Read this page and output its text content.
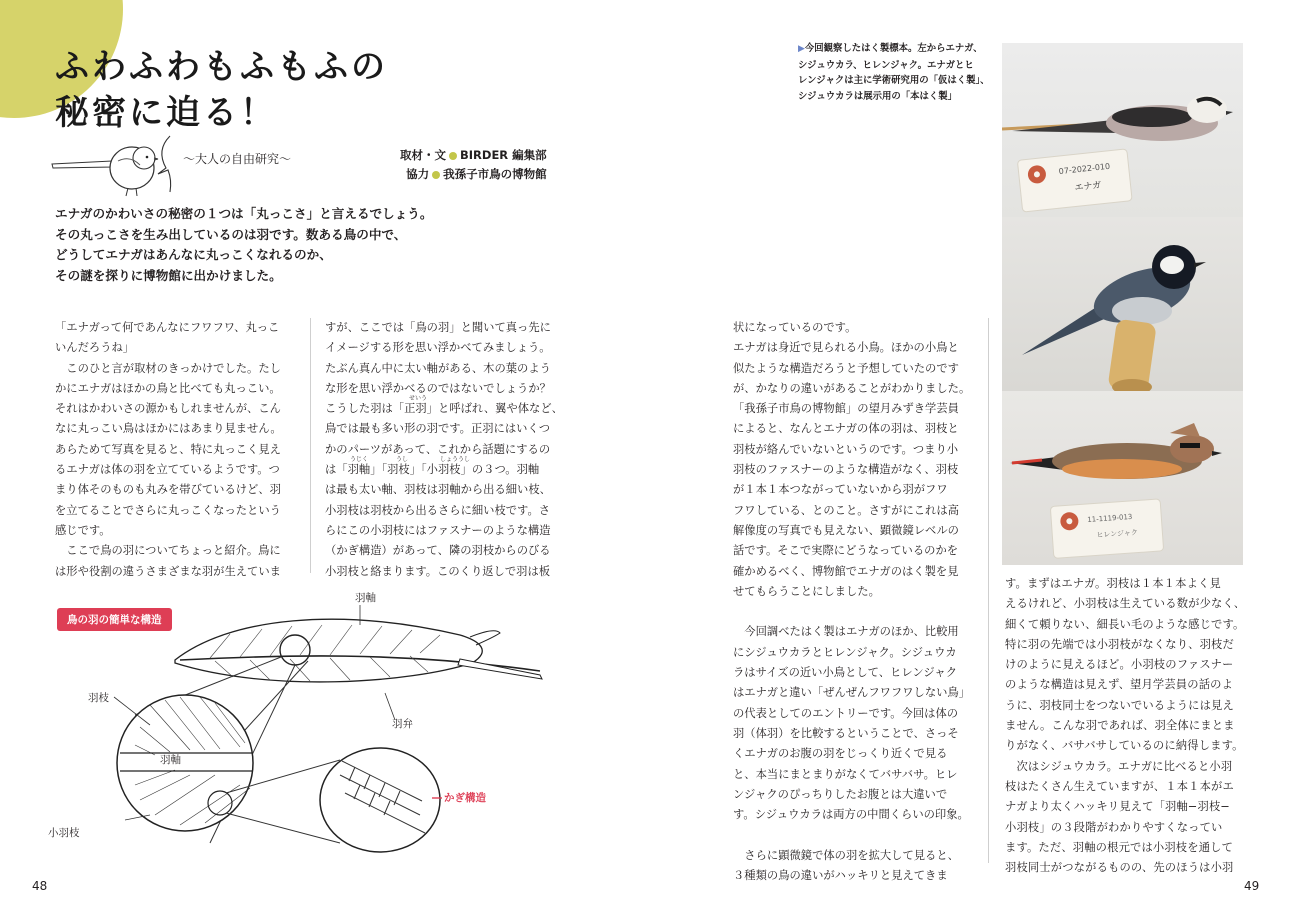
ふわふわもふもふの
秘密に迫る！
〜大人の自由研究〜	取材・文 BIRDER 編集部
協力 我孫子市鳥の博物館

エナガのかわいさの秘密の１つは「丸っこさ」と言えるでしょう。

その丸っこさを生み出しているのは羽です。数ある鳥の中で、

どうしてエナガはあんなに丸っこくなれるのか、

その謎を探りに博物館に出かけました。

「エナガって何であんなにフワフワ、丸っこ

いんだろうね」

　このひと言が取材のきっかけでした。たし

かにエナガはほかの鳥と比べても丸っこい。

それはかわいさの源かもしれませんが、こん

なに丸っこい鳥はほかにはあまり見ません。

あらためて写真を見ると、特に丸っこく見え

るエナガは体の羽を立てているようです。つ

まり体そのものも丸みを帯びているけど、羽

を立てることでさらに丸っこくなったという

感じです。

　ここで鳥の羽についてちょっと紹介。鳥に

は形や役割の違うさまざまな羽が生えていま

すが、ここでは「鳥の羽」と聞いて真っ先に

イメージする形を思い浮かべてみましょう。

たぶん真ん中に太い軸がある、木の葉のよう

な形を思い浮かべるのではないでしょうか？

こうした羽は「正羽」と呼ばれ、翼や体など、

鳥では最も多い形の羽です。正羽にはいくつ

かのパーツがあって、これから話題にするの

は「羽軸」「羽枝」「小羽枝」の３つ。羽軸

は最も太い軸、羽枝は羽軸から出る細い枝、

小羽枝は羽枝から出るさらに細い枝です。さ

らにこの小羽枝にはファスナーのような構造

（かぎ構造）があって、隣の羽枝からのびる

小羽枝と絡まります。このくり返しで羽は板

せいう
うじく	うし	しょううし

状になっているのです。

エナガは身近で見られる小鳥。ほかの小鳥と

似たような構造だろうと予想していたのです

が、かなりの違いがあることがわかりました。

「我孫子市鳥の博物館」の望月みずき学芸員

によると、なんとエナガの体の羽は、羽枝と

羽枝が絡んでいないというのです。つまり小

羽枝のファスナーのような構造がなく、羽枝

が１本１本つながっていないから羽がフワ

フワしている、とのこと。さすがにこれは高

解像度の写真でも見えない、顕微鏡レベルの

話です。そこで実際にどうなっているのかを

確かめるべく、博物館でエナガのはく製を見

せてもらうことにしました。

　今回調べたはく製はエナガのほか、比較用

にシジュウカラとヒレンジャク。シジュウカ

ラはサイズの近い小鳥として、ヒレンジャク

はエナガと違い「ぜんぜんフワフワしない鳥」

の代表としてのエントリーです。今回は体の

羽（体羽）を比較するということで、さっそ

くエナガのお腹の羽をじっくり近くで見る

と、本当にまとまりがなくてバサバサ。ヒレ

ンジャクのぴっちりしたお腹とは大違いで

す。シジュウカラは両方の中間くらいの印象。

　さらに顕微鏡で体の羽を拡大して見ると、

３種類の鳥の違いがハッキリと見えてきま

す。まずはエナガ。羽枝は１本１本よく見

えるけれど、小羽枝は生えている数が少なく、

細くて頼りない、細長い毛のような感じです。

特に羽の先端では小羽枝がなくなり、羽枝だ

けのように見えるほど。小羽枝のファスナー

のような構造は見えず、望月学芸員の話のよ

うに、羽枝同士をつないでいるようには見え

ません。こんな羽であれば、羽全体にまとま

りがなく、バサバサしているのに納得します。

　次はシジュウカラ。エナガに比べると小羽

枝はたくさん生えていますが、１本１本がエ

ナガより太くハッキリ見えて「羽軸−羽枝−

小羽枝」の３段階がわかりやすくなってい

ます。ただ、羽軸の根元では小羽枝を通して

羽枝同士がつながるものの、先のほうは小羽

▶今回観察したはく製標本。左からエナガ、

シジュウカラ、ヒレンジャク。エナガとヒ

レンジャクは主に学術研究用の「仮はく製」、

シジュウカラは展示用の「本はく製」

07-2022-010
エナガ
11-1119-013
ヒレンジャク
鳥の羽の簡単な構造
羽軸
羽枝
羽弁
羽軸
かぎ構造
小羽枝
48	49
